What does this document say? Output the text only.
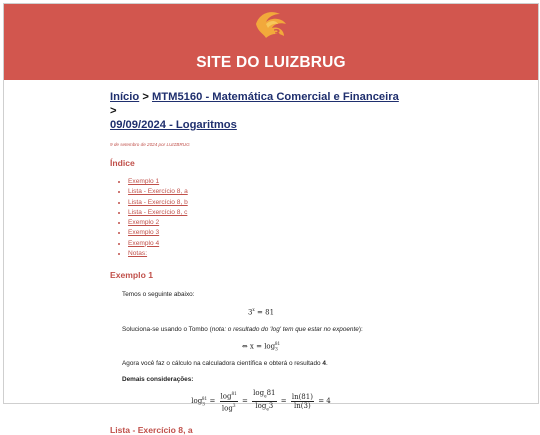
3
SITE DO LUIZBRUG
Início > MTM5160 - Matemática Comercial e Financeira >
09/09/2024 - Logaritmos
9 de setembro de 2024 por LUIZBRUG
Índice
• Exemplo 1
• Lista - Exercício 8, a
• Lista - Exercício 8, b
• Lista - Exercício 8, c
• Exemplo 2
• Exemplo 3
• Exemplo 4
• Notas:
Exemplo 1
Temos o seguinte abaixo:
$3^x = 81$
Soluciona-se usando o Tombo (nota: o resultado do 'log' tem que estar no expoente):
⇔ $x = \log_3^{81}$
Agora você faz o cálculo na calculadora científica e obterá o resultado 4.
Demais considerações:
$\log_3^{81} = \frac{\log^{81}}{\log^3} = \frac{\log_e81}{\log_e3} = \frac{\ln(81)}{\ln(3)} = 4$
Lista - Exercício 8, a
